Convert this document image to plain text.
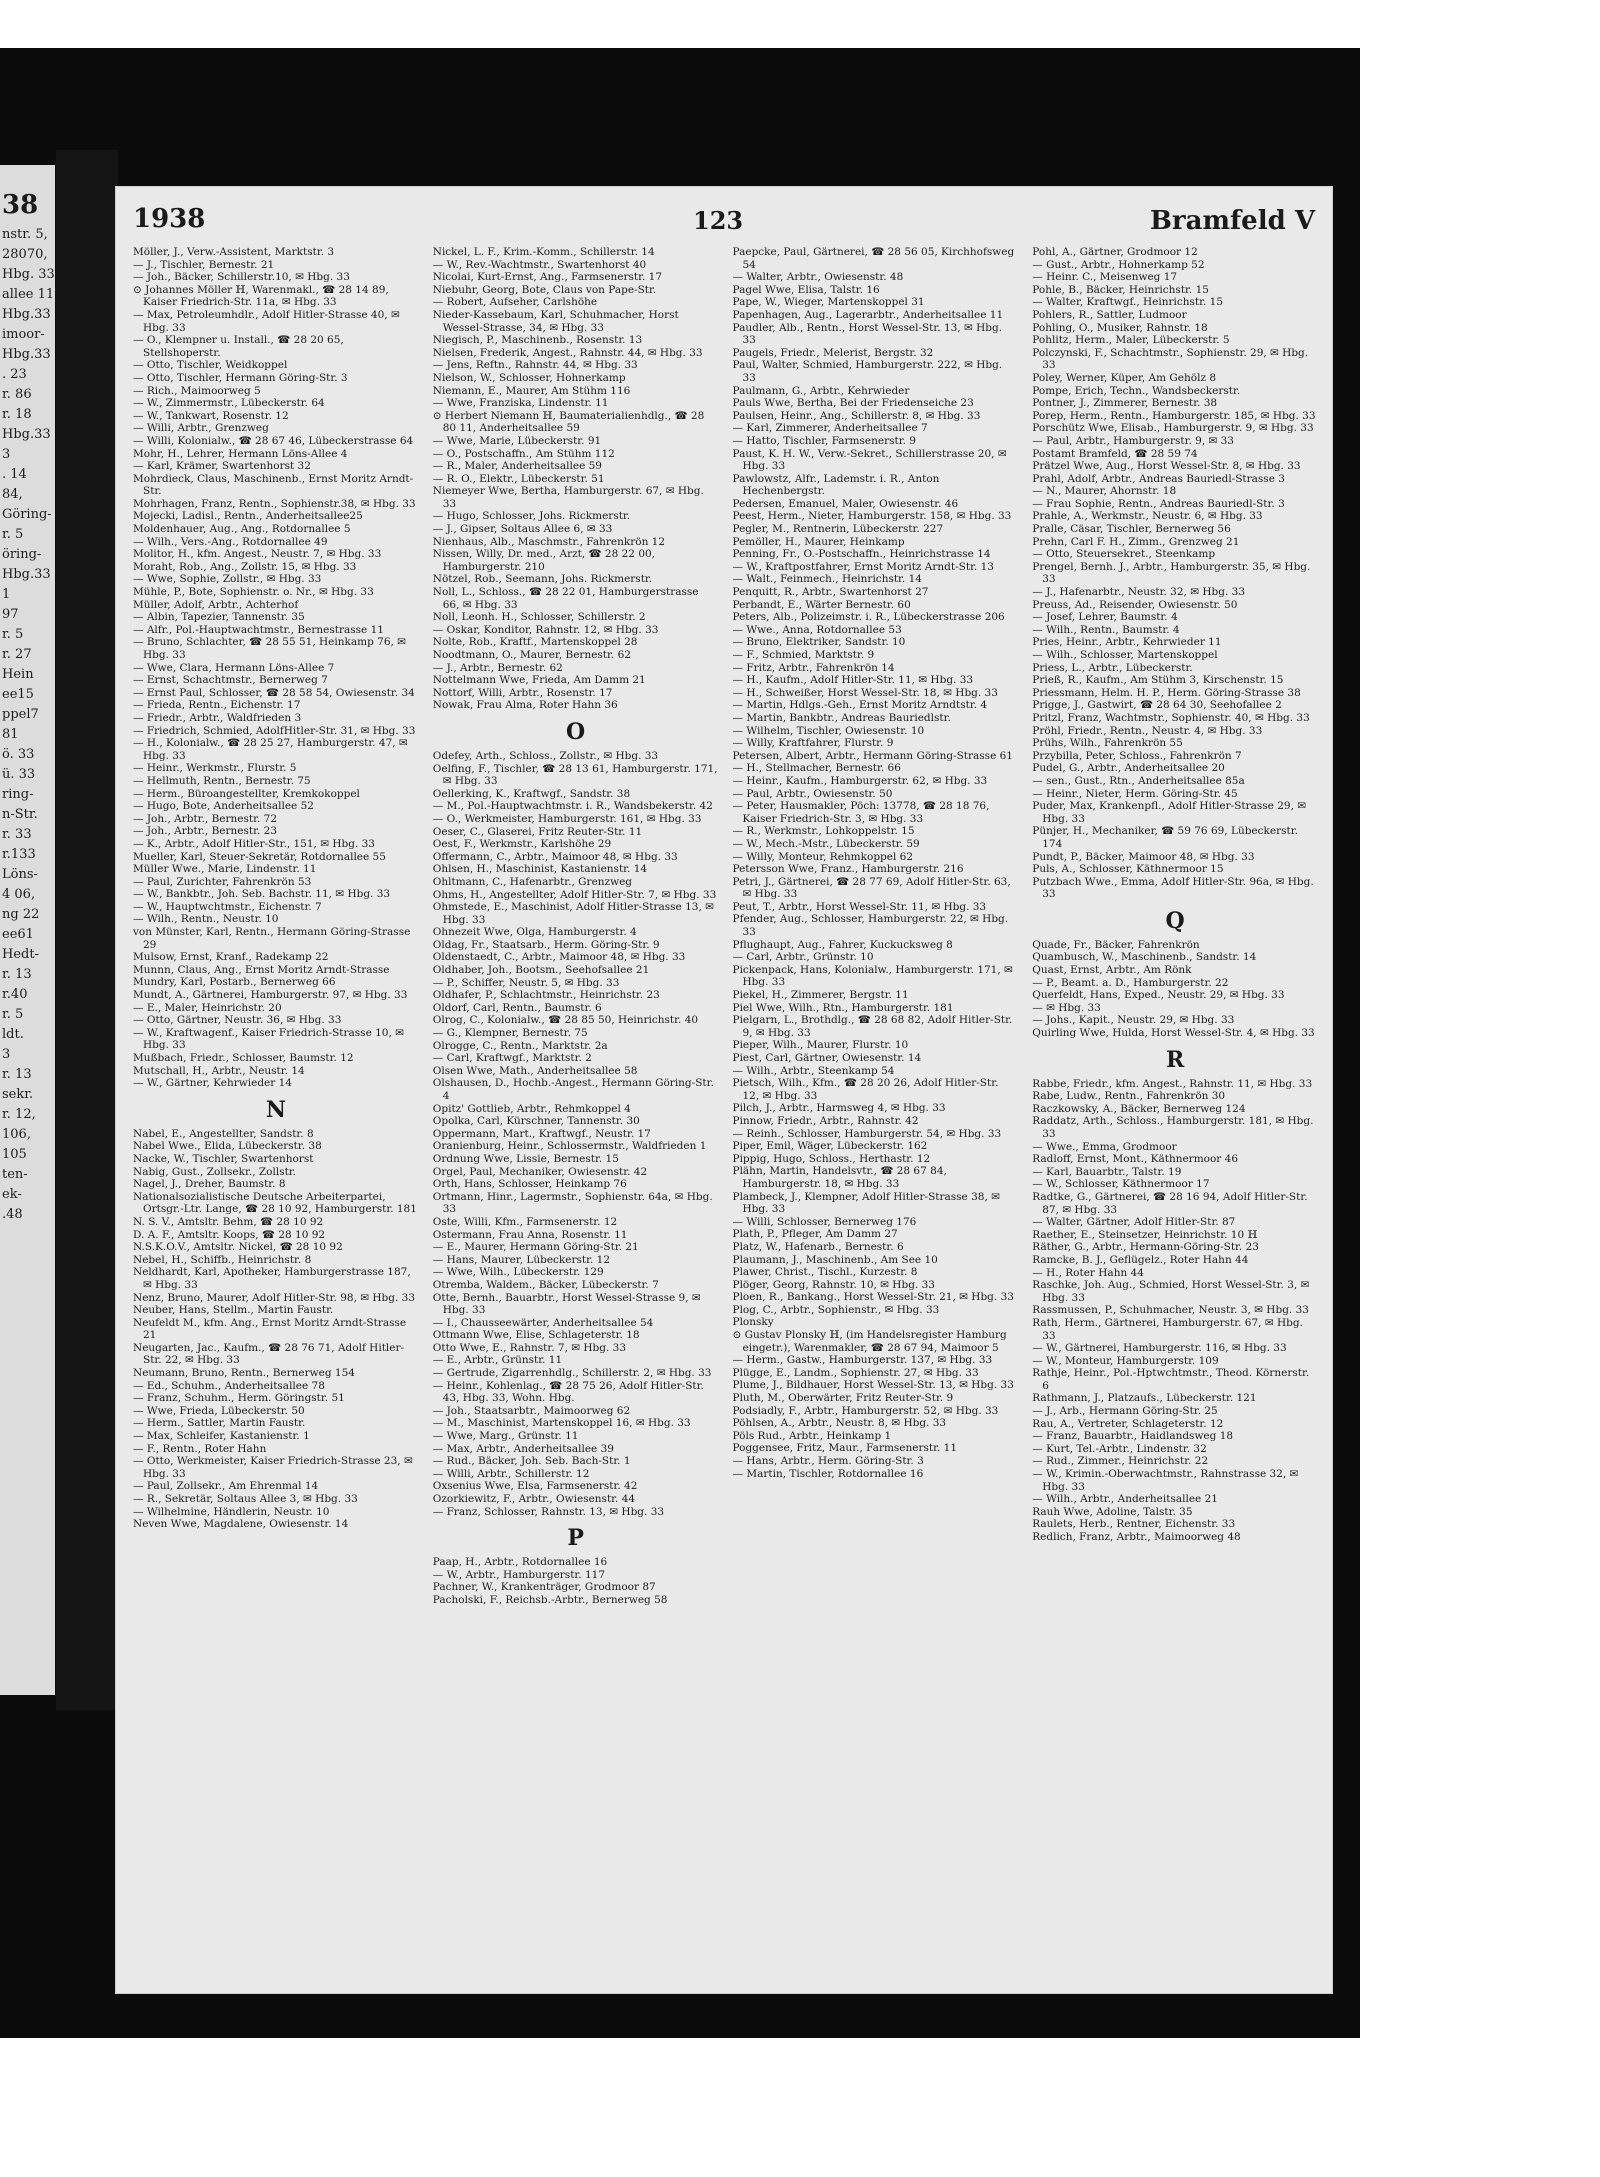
38
nstr. 5,
28070,
Hbg. 33
allee 11
Hbg.33
imoor-
Hbg.33
. 23
r. 86
r. 18
Hbg.33
3
. 14
84,
Göring-
r. 5
öring-
Hbg.33
1
97
r. 5
r. 27
Hein
ee15
ppel7
81
ö. 33
ü. 33
ring-
n-Str.
r. 33
r.133
Löns-
4 06,
ng 22
ee61
Hedt-
r. 13
r.40
r. 5
ldt.
3
r. 13
sekr.
r. 12,
106,
105
ten-
ek-
.48
1938	123	Bramfeld V
Möller, J., Verw.-Assistent, Marktstr. 3
— J., Tischler, Bernestr. 21
— Joh., Bäcker, Schillerstr.10, ✉ Hbg. 33
⊙ Johannes Möller ℍ, Warenmakl., ☎ 28 14 89, Kaiser Friedrich-Str. 11a, ✉ Hbg. 33
— Max, Petroleumhdlr., Adolf Hitler-Strasse 40, ✉ Hbg. 33
— O., Klempner u. Install., ☎ 28 20 65, Stellshoperstr.
— Otto, Tischler, Weidkoppel
— Otto, Tischler, Hermann Göring-Str. 3
— Rich., Maimoorweg 5
— W., Zimmermstr., Lübeckerstr. 64
— W., Tankwart, Rosenstr. 12
— Willi, Arbtr., Grenzweg
— Willi, Kolonialw., ☎ 28 67 46, Lübeckerstrasse 64
Mohr, H., Lehrer, Hermann Löns-Allee 4
— Karl, Krämer, Swartenhorst 32
Mohrdieck, Claus, Maschinenb., Ernst Moritz Arndt-Str.
Mohrhagen, Franz, Rentn., Sophienstr.38, ✉ Hbg. 33
Mojecki, Ladisl., Rentn., Anderheitsallee25
Moldenhauer, Aug., Ang., Rotdornallee 5
— Wilh., Vers.-Ang., Rotdornallee 49
Molitor, H., kfm. Angest., Neustr. 7, ✉ Hbg. 33
Moraht, Rob., Ang., Zollstr. 15, ✉ Hbg. 33
— Wwe, Sophie, Zollstr., ✉ Hbg. 33
Mühle, P., Bote, Sophienstr. o. Nr., ✉ Hbg. 33
Müller, Adolf, Arbtr., Achterhof
— Albin, Tapezier, Tannenstr. 35
— Alfr., Pol.-Hauptwachtmstr., Bernestrasse 11
— Bruno, Schlachter, ☎ 28 55 51, Heinkamp 76, ✉ Hbg. 33
— Wwe, Clara, Hermann Löns-Allee 7
— Ernst, Schachtmstr., Bernerweg 7
— Ernst Paul, Schlosser, ☎ 28 58 54, Owiesenstr. 34
— Frieda, Rentn., Eichenstr. 17
— Friedr., Arbtr., Waldfrieden 3
— Friedrich, Schmied, AdolfHitler-Str. 31, ✉ Hbg. 33
— H., Kolonialw., ☎ 28 25 27, Hamburgerstr. 47, ✉ Hbg. 33
— Heinr., Werkmstr., Flurstr. 5
— Hellmuth, Rentn., Bernestr. 75
— Herm., Büroangestellter, Kremkokoppel
— Hugo, Bote, Anderheitsallee 52
— Joh., Arbtr., Bernestr. 72
— Joh., Arbtr., Bernestr. 23
— K., Arbtr., Adolf Hitler-Str., 151, ✉ Hbg. 33
Mueller, Karl, Steuer-Sekretär, Rotdornallee 55
Müller Wwe., Marie, Lindenstr. 11
— Paul, Zurichter, Fahrenkrön 53
— W., Bankbtr., Joh. Seb. Bachstr. 11, ✉ Hbg. 33
— W., Hauptwchtmstr., Eichenstr. 7
— Wilh., Rentn., Neustr. 10
von Münster, Karl, Rentn., Hermann Göring-Strasse 29
Mulsow, Ernst, Kranf., Radekamp 22
Munnn, Claus, Ang., Ernst Moritz Arndt-Strasse
Mundry, Karl, Postarb., Bernerweg 66
Mundt, A., Gärtnerei, Hamburgerstr. 97, ✉ Hbg. 33
— E., Maler, Heinrichstr. 20
— Otto, Gärtner, Neustr. 36, ✉ Hbg. 33
— W., Kraftwagenf., Kaiser Friedrich-Strasse 10, ✉ Hbg. 33
Mußbach, Friedr., Schlosser, Baumstr. 12
Mutschall, H., Arbtr., Neustr. 14
— W., Gärtner, Kehrwieder 14
N
Nabel, E., Angestellter, Sandstr. 8
Nabel Wwe., Elida, Lübeckerstr. 38
Nacke, W., Tischler, Swartenhorst
Nabig, Gust., Zollsekr., Zollstr.
Nagel, J., Dreher, Baumstr. 8
Nationalsozialistische Deutsche Arbeiterpartei, Ortsgr.-Ltr. Lange, ☎ 28 10 92, Hamburgerstr. 181
N. S. V., Amtsltr. Behm, ☎ 28 10 92
D. A. F., Amtsltr. Koops, ☎ 28 10 92
N.S.K.O.V., Amtsltr. Nickel, ☎ 28 10 92
Nebel, H., Schiffb., Heinrichstr. 8
Neldhardt, Karl, Apotheker, Hamburgerstrasse 187, ✉ Hbg. 33
Nenz, Bruno, Maurer, Adolf Hitler-Str. 98, ✉ Hbg. 33
Neuber, Hans, Stellm., Martin Faustr.
Neufeldt M., kfm. Ang., Ernst Moritz Arndt-Strasse 21
Neugarten, Jac., Kaufm., ☎ 28 76 71, Adolf Hitler-Str. 22, ✉ Hbg. 33
Neumann, Bruno, Rentn., Bernerweg 154
— Ed., Schuhm., Anderheitsallee 78
— Franz, Schuhm., Herm. Göringstr. 51
— Wwe, Frieda, Lübeckerstr. 50
— Herm., Sattler, Martin Faustr.
— Max, Schleifer, Kastanienstr. 1
— F., Rentn., Roter Hahn
— Otto, Werkmeister, Kaiser Friedrich-Strasse 23, ✉ Hbg. 33
— Paul, Zollsekr., Am Ehrenmal 14
— R., Sekretär, Soltaus Allee 3, ✉ Hbg. 33
— Wilhelmine, Händlerin, Neustr. 10
Neven Wwe, Magdalene, Owiesenstr. 14
Nickel, L. F., Krim.-Komm., Schillerstr. 14
— W., Rev.-Wachtmstr., Swartenhorst 40
Nicolai, Kurt-Ernst, Ang., Farmsenerstr. 17
Niebuhr, Georg, Bote, Claus von Pape-Str.
— Robert, Aufseher, Carlshöhe
Nieder-Kassebaum, Karl, Schuhmacher, Horst Wessel-Strasse, 34, ✉ Hbg. 33
Niegisch, P., Maschinenb., Rosenstr. 13
Nielsen, Frederik, Angest., Rahnstr. 44, ✉ Hbg. 33
— Jens, Reftn., Rahnstr. 44, ✉ Hbg. 33
Nielson, W., Schlosser, Hohnerkamp
Niemann, E., Maurer, Am Stühm 116
— Wwe, Franziska, Lindenstr. 11
⊙ Herbert Niemann ℍ, Baumaterialienhdlg., ☎ 28 80 11, Anderheitsallee 59
— Wwe, Marie, Lübeckerstr. 91
— O., Postschaffn., Am Stühm 112
— R., Maler, Anderheitsallee 59
— R. O., Elektr., Lübeckerstr. 51
Niemeyer Wwe, Bertha, Hamburgerstr. 67, ✉ Hbg. 33
— Hugo, Schlosser, Johs. Rickmerstr.
— J., Gipser, Soltaus Allee 6, ✉ 33
Nienhaus, Alb., Maschmstr., Fahrenkrön 12
Nissen, Willy, Dr. med., Arzt, ☎ 28 22 00, Hamburgerstr. 210
Nötzel, Rob., Seemann, Johs. Rickmerstr.
Noll, L., Schloss., ☎ 28 22 01, Hamburgerstrasse 66, ✉ Hbg. 33
Noll, Leonh. H., Schlosser, Schillerstr. 2
— Oskar, Konditor, Rahnstr. 12, ✉ Hbg. 33
Nolte, Rob., Kraftf., Martenskoppel 28
Noodtmann, O., Maurer, Bernestr. 62
— J., Arbtr., Bernestr. 62
Nottelmann Wwe, Frieda, Am Damm 21
Nottorf, Willi, Arbtr., Rosenstr. 17
Nowak, Frau Alma, Roter Hahn 36
O
Odefey, Arth., Schloss., Zollstr., ✉ Hbg. 33
Oelfing, F., Tischler, ☎ 28 13 61, Hamburgerstr. 171, ✉ Hbg. 33
Oellerking, K., Kraftwgf., Sandstr. 38
— M., Pol.-Hauptwachtmstr. i. R., Wandsbekerstr. 42
— O., Werkmeister, Hamburgerstr. 161, ✉ Hbg. 33
Oeser, C., Glaserei, Fritz Reuter-Str. 11
Oest, F., Werkmstr., Karlshöhe 29
Offermann, C., Arbtr., Maimoor 48, ✉ Hbg. 33
Ohlsen, H., Maschinist, Kastanienstr. 14
Ohltmann, C., Hafenarbtr., Grenzweg
Ohms, H., Angestellter, Adolf Hitler-Str. 7, ✉ Hbg. 33
Ohmstede, E., Maschinist, Adolf Hitler-Strasse 13, ✉ Hbg. 33
Ohnezeit Wwe, Olga, Hamburgerstr. 4
Oldag, Fr., Staatsarb., Herm. Göring-Str. 9
Oldenstaedt, C., Arbtr., Maimoor 48, ✉ Hbg. 33
Oldhaber, Joh., Bootsm., Seehofsallee 21
— P., Schiffer, Neustr. 5, ✉ Hbg. 33
Oldhafer, P., Schlachtmstr., Heinrichstr. 23
Oldorf, Carl, Rentn., Baumstr. 6
Olrog, C., Kolonialw., ☎ 28 85 50, Heinrichstr. 40
— G., Klempner, Bernestr. 75
Olrogge, C., Rentn., Marktstr. 2a
— Carl, Kraftwgf., Marktstr. 2
Olsen Wwe, Math., Anderheitsallee 58
Olshausen, D., Hochb.-Angest., Hermann Göring-Str. 4
Opitz' Gottlieb, Arbtr., Rehmkoppel 4
Opolka, Carl, Kürschner, Tannenstr. 30
Oppermann, Mart., Kraftwgf., Neustr. 17
Oranienburg, Heinr., Schlossermstr., Waldfrieden 1
Ordnung Wwe, Lissie, Bernestr. 15
Orgel, Paul, Mechaniker, Owiesenstr. 42
Orth, Hans, Schlosser, Heinkamp 76
Ortmann, Hinr., Lagermstr., Sophienstr. 64a, ✉ Hbg. 33
Oste, Willi, Kfm., Farmsenerstr. 12
Ostermann, Frau Anna, Rosenstr. 11
— E., Maurer, Hermann Göring-Str. 21
— Hans, Maurer, Lübeckerstr. 12
— Wwe, Wilh., Lübeckerstr. 129
Otremba, Waldem., Bäcker, Lübeckerstr. 7
Otte, Bernh., Bauarbtr., Horst Wessel-Strasse 9, ✉ Hbg. 33
— I., Chausseewärter, Anderheitsallee 54
Ottmann Wwe, Elise, Schlageterstr. 18
Otto Wwe, E., Rahnstr. 7, ✉ Hbg. 33
— E., Arbtr., Grünstr. 11
— Gertrude, Zigarrenhdlg., Schillerstr. 2, ✉ Hbg. 33
— Heinr., Kohlenlag., ☎ 28 75 26, Adolf Hitler-Str. 43, Hbg. 33, Wohn. Hbg.
— Joh., Staatsarbtr., Maimoorweg 62
— M., Maschinist, Martenskoppel 16, ✉ Hbg. 33
— Wwe, Marg., Grünstr. 11
— Max, Arbtr., Anderheitsallee 39
— Rud., Bäcker, Joh. Seb. Bach-Str. 1
— Willi, Arbtr., Schillerstr. 12
Oxsenius Wwe, Elsa, Farmsenerstr. 42
Ozorkiewitz, F., Arbtr., Owiesenstr. 44
— Franz, Schlosser, Rahnstr. 13, ✉ Hbg. 33
P
Paap, H., Arbtr., Rotdornallee 16
— W., Arbtr., Hamburgerstr. 117
Pachner, W., Krankenträger, Grodmoor 87
Pacholski, F., Reichsb.-Arbtr., Bernerweg 58
Paepcke, Paul, Gärtnerei, ☎ 28 56 05, Kirchhofsweg 54
— Walter, Arbtr., Owiesenstr. 48
Pagel Wwe, Elisa, Talstr. 16
Pape, W., Wieger, Martenskoppel 31
Papenhagen, Aug., Lagerarbtr., Anderheitsallee 11
Paudler, Alb., Rentn., Horst Wessel-Str. 13, ✉ Hbg. 33
Paugels, Friedr., Melerist, Bergstr. 32
Paul, Walter, Schmied, Hamburgerstr. 222, ✉ Hbg. 33
Paulmann, G., Arbtr., Kehrwieder
Pauls Wwe, Bertha, Bei der Friedenseiche 23
Paulsen, Heinr., Ang., Schillerstr. 8, ✉ Hbg. 33
— Karl, Zimmerer, Anderheitsallee 7
— Hatto, Tischler, Farmsenerstr. 9
Paust, K. H. W., Verw.-Sekret., Schillerstrasse 20, ✉ Hbg. 33
Pawlowstz, Alfr., Lademstr. i. R., Anton Hechenbergstr.
Pedersen, Emanuel, Maler, Owiesenstr. 46
Peest, Herm., Nieter, Hamburgerstr. 158, ✉ Hbg. 33
Pegler, M., Rentnerin, Lübeckerstr. 227
Pemöller, H., Maurer, Heinkamp
Penning, Fr., O.-Postschaffn., Heinrichstrasse 14
— W., Kraftpostfahrer, Ernst Moritz Arndt-Str. 13
— Walt., Feinmech., Heinrichstr. 14
Penquitt, R., Arbtr., Swartenhorst 27
Perbandt, E., Wärter Bernestr. 60
Peters, Alb., Polizeimstr. i. R., Lübeckerstrasse 206
— Wwe., Anna, Rotdornallee 53
— Bruno, Elektriker, Sandstr. 10
— F., Schmied, Marktstr. 9
— Fritz, Arbtr., Fahrenkrön 14
— H., Kaufm., Adolf Hitler-Str. 11, ✉ Hbg. 33
— H., Schweißer, Horst Wessel-Str. 18, ✉ Hbg. 33
— Martin, Hdlgs.-Geh., Ernst Moritz Arndtstr. 4
— Martin, Bankbtr., Andreas Bauriedlstr.
— Wilhelm, Tischler, Owiesenstr. 10
— Willy, Kraftfahrer, Flurstr. 9
Petersen, Albert, Arbtr., Hermann Göring-Strasse 61
— H., Stellmacher, Bernestr. 66
— Heinr., Kaufm., Hamburgerstr. 62, ✉ Hbg. 33
— Paul, Arbtr., Owiesenstr. 50
— Peter, Hausmakler, Pöch: 13778, ☎ 28 18 76, Kaiser Friedrich-Str. 3, ✉ Hbg. 33
— R., Werkmstr., Lohkoppelstr. 15
— W., Mech.-Mstr., Lübeckerstr. 59
— Willy, Monteur, Rehmkoppel 62
Petersson Wwe, Franz., Hamburgerstr. 216
Petri, J., Gärtnerei, ☎ 28 77 69, Adolf Hitler-Str. 63, ✉ Hbg. 33
Peut, T., Arbtr., Horst Wessel-Str. 11, ✉ Hbg. 33
Pfender, Aug., Schlosser, Hamburgerstr. 22, ✉ Hbg. 33
Pflughaupt, Aug., Fahrer, Kuckucksweg 8
— Carl, Arbtr., Grünstr. 10
Pickenpack, Hans, Kolonialw., Hamburgerstr. 171, ✉ Hbg. 33
Piekel, H., Zimmerer, Bergstr. 11
Piel Wwe, Wilh., Rtn., Hamburgerstr. 181
Pielgarn, L., Brothdlg., ☎ 28 68 82, Adolf Hitler-Str. 9, ✉ Hbg. 33
Pieper, Wilh., Maurer, Flurstr. 10
Piest, Carl, Gärtner, Owiesenstr. 14
— Wilh., Arbtr., Steenkamp 54
Pietsch, Wilh., Kfm., ☎ 28 20 26, Adolf Hitler-Str. 12, ✉ Hbg. 33
Pilch, J., Arbtr., Harmsweg 4, ✉ Hbg. 33
Pinnow, Friedr., Arbtr., Rahnstr. 42
— Reinh., Schlosser, Hamburgerstr. 54, ✉ Hbg. 33
Piper, Emil, Wäger, Lübeckerstr. 162
Pippig, Hugo, Schloss., Herthastr. 12
Plähn, Martin, Handelsvtr., ☎ 28 67 84, Hamburgerstr. 18, ✉ Hbg. 33
Plambeck, J., Klempner, Adolf Hitler-Strasse 38, ✉ Hbg. 33
— Willi, Schlosser, Bernerweg 176
Plath, P., Pfleger, Am Damm 27
Platz, W., Hafenarb., Bernestr. 6
Plaumann, J., Maschinenb., Am See 10
Plawer, Christ., Tischl., Kurzestr. 8
Plöger, Georg, Rahnstr. 10, ✉ Hbg. 33
Ploen, R., Bankang., Horst Wessel-Str. 21, ✉ Hbg. 33
Plog, C., Arbtr., Sophienstr., ✉ Hbg. 33
Plonsky
⊙ Gustav Plonsky ℍ, (im Handelsregister Hamburg eingetr.), Warenmakler, ☎ 28 67 94, Maimoor 5
— Herm., Gastw., Hamburgerstr. 137, ✉ Hbg. 33
Plügge, E., Landm., Sophienstr. 27, ✉ Hbg. 33
Plume, J., Bildhauer, Horst Wessel-Str. 13, ✉ Hbg. 33
Pluth, M., Oberwärter, Fritz Reuter-Str. 9
Podsiadly, F., Arbtr., Hamburgerstr. 52, ✉ Hbg. 33
Pöhlsen, A., Arbtr., Neustr. 8, ✉ Hbg. 33
Pöls Rud., Arbtr., Heinkamp 1
Poggensee, Fritz, Maur., Farmsenerstr. 11
— Hans, Arbtr., Herm. Göring-Str. 3
— Martin, Tischler, Rotdornallee 16
Pohl, A., Gärtner, Grodmoor 12
— Gust., Arbtr., Hohnerkamp 52
— Heinr. C., Meisenweg 17
Pohle, B., Bäcker, Heinrichstr. 15
— Walter, Kraftwgf., Heinrichstr. 15
Pohlers, R., Sattler, Ludmoor
Pohling, O., Musiker, Rahnstr. 18
Pohlitz, Herm., Maler, Lübeckerstr. 5
Polczynski, F., Schachtmstr., Sophienstr. 29, ✉ Hbg. 33
Poley, Werner, Küper, Am Gehölz 8
Pompe, Erich, Techn., Wandsbeckerstr.
Pontner, J., Zimmerer, Bernestr. 38
Porep, Herm., Rentn., Hamburgerstr. 185, ✉ Hbg. 33
Porschütz Wwe, Elisab., Hamburgerstr. 9, ✉ Hbg. 33
— Paul, Arbtr., Hamburgerstr. 9, ✉ 33
Postamt Bramfeld, ☎ 28 59 74
Prätzel Wwe, Aug., Horst Wessel-Str. 8, ✉ Hbg. 33
Prahl, Adolf, Arbtr., Andreas Bauriedl-Strasse 3
— N., Maurer, Ahornstr. 18
— Frau Sophie, Rentn., Andreas Bauriedl-Str. 3
Prahle, A., Werkmstr., Neustr. 6, ✉ Hbg. 33
Pralle, Cäsar, Tischler, Bernerweg 56
Prehn, Carl F. H., Zimm., Grenzweg 21
— Otto, Steuersekret., Steenkamp
Prengel, Bernh. J., Arbtr., Hamburgerstr. 35, ✉ Hbg. 33
— J., Hafenarbtr., Neustr. 32, ✉ Hbg. 33
Preuss, Ad., Reisender, Owiesenstr. 50
— Josef, Lehrer, Baumstr. 4
— Wilh., Rentn., Baumstr. 4
Pries, Heinr., Arbtr., Kehrwieder 11
— Wilh., Schlosser, Martenskoppel
Priess, L., Arbtr., Lübeckerstr.
Prieß, R., Kaufm., Am Stühm 3, Kirschenstr. 15
Priessmann, Helm. H. P., Herm. Göring-Strasse 38
Prigge, J., Gastwirt, ☎ 28 64 30, Seehofallee 2
Pritzl, Franz, Wachtmstr., Sophienstr. 40, ✉ Hbg. 33
Pröhl, Friedr., Rentn., Neustr. 4, ✉ Hbg. 33
Prühs, Wilh., Fahrenkrön 55
Przybilla, Peter, Schloss., Fahrenkrön 7
Pudel, G., Arbtr., Anderheitsallee 20
— sen., Gust., Rtn., Anderheitsallee 85a
— Heinr., Nieter, Herm. Göring-Str. 45
Puder, Max, Krankenpfl., Adolf Hitler-Strasse 29, ✉ Hbg. 33
Pünjer, H., Mechaniker, ☎ 59 76 69, Lübeckerstr. 174
Pundt, P., Bäcker, Maimoor 48, ✉ Hbg. 33
Puls, A., Schlosser, Käthnermoor 15
Putzbach Wwe., Emma, Adolf Hitler-Str. 96a, ✉ Hbg. 33
Q
Quade, Fr., Bäcker, Fahrenkrön
Quambusch, W., Maschinenb., Sandstr. 14
Quast, Ernst, Arbtr., Am Rönk
— P., Beamt. a. D., Hamburgerstr. 22
Querfeldt, Hans, Exped., Neustr. 29, ✉ Hbg. 33
— ✉ Hbg. 33
— Johs., Kapit., Neustr. 29, ✉ Hbg. 33
Quirling Wwe, Hulda, Horst Wessel-Str. 4, ✉ Hbg. 33
R
Rabbe, Friedr., kfm. Angest., Rahnstr. 11, ✉ Hbg. 33
Rabe, Ludw., Rentn., Fahrenkrön 30
Raczkowsky, A., Bäcker, Bernerweg 124
Raddatz, Arth., Schloss., Hamburgerstr. 181, ✉ Hbg. 33
— Wwe., Emma, Grodmoor
Radloff, Ernst, Mont., Käthnermoor 46
— Karl, Bauarbtr., Talstr. 19
— W., Schlosser, Käthnermoor 17
Radtke, G., Gärtnerei, ☎ 28 16 94, Adolf Hitler-Str. 87, ✉ Hbg. 33
— Walter, Gärtner, Adolf Hitler-Str. 87
Raether, E., Steinsetzer, Heinrichstr. 10 ℍ
Räther, G., Arbtr., Hermann-Göring-Str. 23
Ramcke, B. J., Geflügelz., Roter Hahn 44
— H., Roter Hahn 44
Raschke, Joh. Aug., Schmied, Horst Wessel-Str. 3, ✉ Hbg. 33
Rassmussen, P., Schuhmacher, Neustr. 3, ✉ Hbg. 33
Rath, Herm., Gärtnerei, Hamburgerstr. 67, ✉ Hbg. 33
— W., Gärtnerei, Hamburgerstr. 116, ✉ Hbg. 33
— W., Monteur, Hamburgerstr. 109
Rathje, Heinr., Pol.-Hptwchtmstr., Theod. Körnerstr. 6
Rathmann, J., Platzaufs., Lübeckerstr. 121
— J., Arb., Hermann Göring-Str. 25
Rau, A., Vertreter, Schlageterstr. 12
— Franz, Bauarbtr., Haidlandsweg 18
— Kurt, Tel.-Arbtr., Lindenstr. 32
— Rud., Zimmer., Heinrichstr. 22
— W., Krimin.-Oberwachtmstr., Rahnstrasse 32, ✉ Hbg. 33
— Wilh., Arbtr., Anderheitsallee 21
Rauh Wwe, Adoline, Talstr. 35
Raulets, Herb., Rentner, Eichenstr. 33
Redlich, Franz, Arbtr., Maimoorweg 48
